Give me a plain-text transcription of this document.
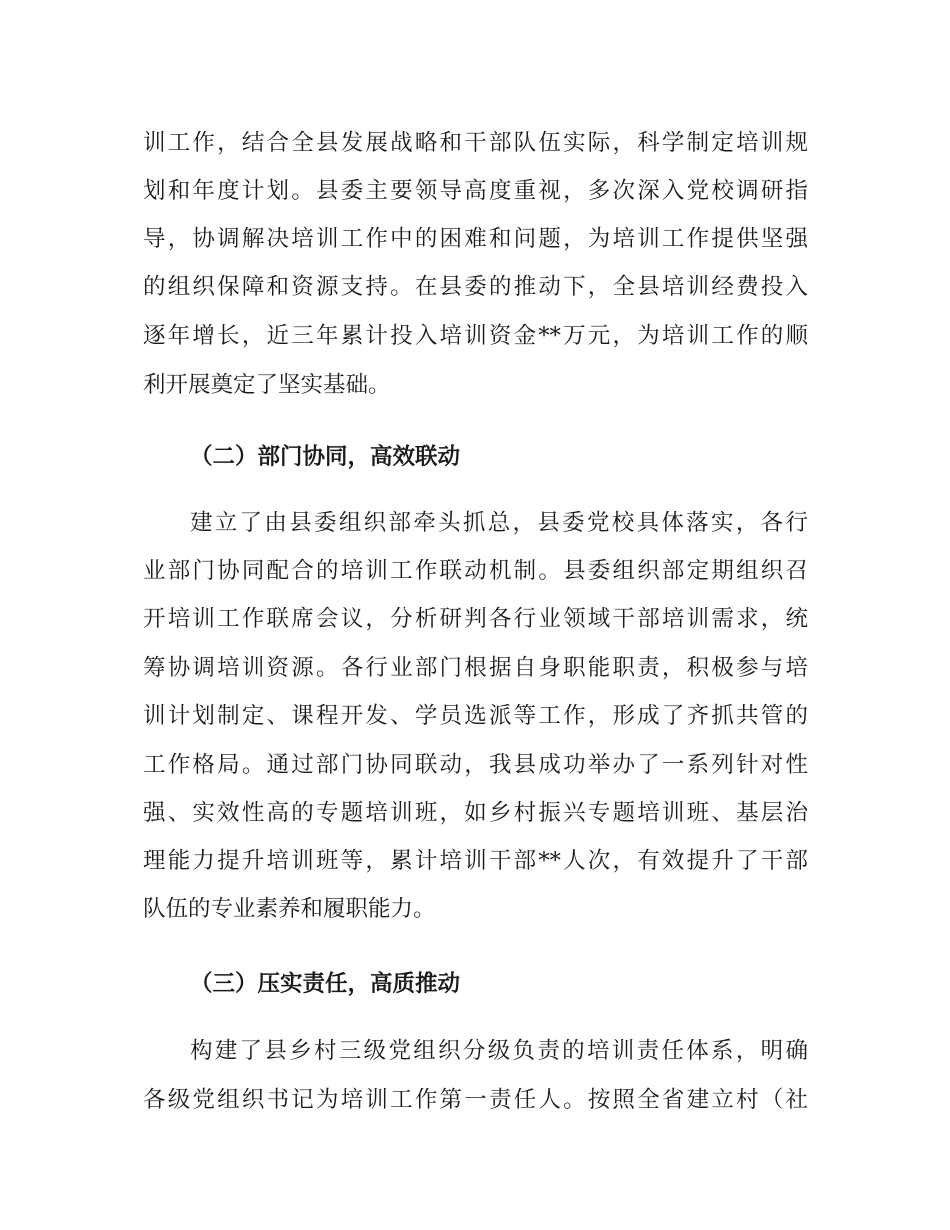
训工作，结合全县发展战略和干部队伍实际，科学制定培训规
划和年度计划。县委主要领导高度重视，多次深入党校调研指
导，协调解决培训工作中的困难和问题，为培训工作提供坚强
的组织保障和资源支持。在县委的推动下，全县培训经费投入
逐年增长，近三年累计投入培训资金**万元，为培训工作的顺
利开展奠定了坚实基础。
（二）部门协同，高效联动
建立了由县委组织部牵头抓总，县委党校具体落实，各行
业部门协同配合的培训工作联动机制。县委组织部定期组织召
开培训工作联席会议，分析研判各行业领域干部培训需求，统
筹协调培训资源。各行业部门根据自身职能职责，积极参与培
训计划制定、课程开发、学员选派等工作，形成了齐抓共管的
工作格局。通过部门协同联动，我县成功举办了一系列针对性
强、实效性高的专题培训班，如乡村振兴专题培训班、基层治
理能力提升培训班等，累计培训干部**人次，有效提升了干部
队伍的专业素养和履职能力。
（三）压实责任，高质推动
构建了县乡村三级党组织分级负责的培训责任体系，明确
各级党组织书记为培训工作第一责任人。按照全省建立村（社
